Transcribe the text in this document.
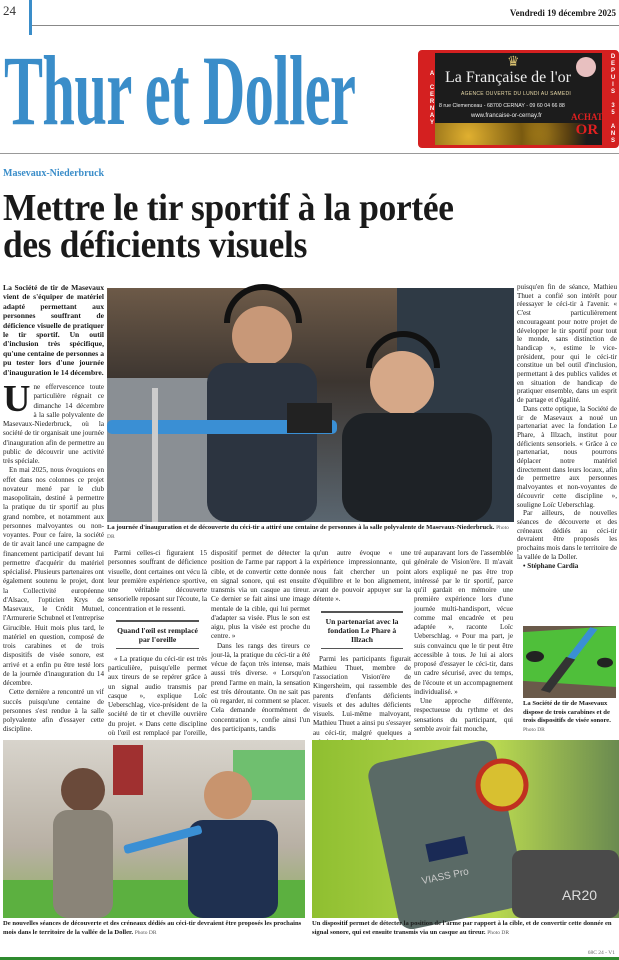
24	Vendredi 19 décembre 2025
Thur et Doller	A CERNAY	DEPUIS 35 ANS
♛
La Française de l'or
AGENCE OUVERTE DU LUNDI AU SAMEDI
8 rue Clemenceau - 68700 CERNAY - 09 60 04 66 88
www.francaise-or-cernay.fr	ACHAT
OR
Masevaux-Niederbruck
Mettre le tir sportif à la portée
des déficients visuels
La Société de tir de Masevaux vient de s'équiper de matériel adapté permettant aux personnes souffrant de déficience visuelle de pratiquer le tir sportif. Un outil d'inclusion très spécifique, qu'une centaine de personnes a pu tester lors d'une journée d'inauguration le 14 décembre.

Une effervescence toute particulière régnait ce dimanche 14 décembre à la salle polyvalente de Masevaux-Niederbruck, où la société de tir organisait une journée d'inauguration afin de permettre au public de découvrir une activité très spéciale.

En mai 2025, nous évoquions en effet dans nos colonnes ce projet novateur mené par le club masopolitain, destiné à permettre la pratique du tir sportif au plus grand nombre, et notamment aux personnes malvoyantes ou non-voyantes. Pour ce faire, la société de tir avait lancé une campagne de financement participatif devant lui permettre d'acquérir du matériel spécialisé. Plusieurs partenaires ont également soutenu le projet, dont la Collectivité européenne d'Alsace, l'opticien Krys de Masevaux, le Crédit Mutuel, l'Armurerie Schubnel et l'entreprise Girucible. Huit mois plus tard, le matériel en question, composé de trois carabines et de trois dispositifs de visée sonore, est arrivé et a enfin pu être testé lors de la journée d'inauguration du 14 décembre.

Cette dernière a rencontré un vif succès puisqu'une centaine de personnes s'est rendue à la salle polyvalente afin d'essayer cette discipline.

La journée d'inauguration et de découverte du céci-tir a attiré une centaine de personnes à la salle polyvalente de Masevaux-Niederbruck. Photo DR

Parmi celles-ci figuraient 15 personnes souffrant de déficience visuelle, dont certaines ont vécu là leur première expérience sportive, une véritable découverte sensorielle reposant sur l'écoute, la concentration et le ressenti.

Quand l'œil est remplacé par l'oreille

« La pratique du céci-tir est très particulière, puisqu'elle permet aux tireurs de se repérer grâce à un signal audio transmis par casque », explique Loïc Ueberschlag, vice-président de la société de tir et cheville ouvrière du projet. « Dans cette discipline où l'œil est remplacé par l'oreille,

dispositif permet de détecter la position de l'arme par rapport à la cible, et de convertir cette donnée en signal sonore, qui est ensuite transmis via un casque au tireur. Ce dernier se fait ainsi une image mentale de la cible, qui lui permet d'adapter sa visée. Plus le son est aigu, plus la visée est proche du centre. »

Dans les rangs des tireurs ce jour-là, la pratique du céci-tir a été vécue de façon très intense, mais aussi très diverse. « Lorsqu'on prend l'arme en main, la sensation est très déroutante. On ne sait pas où regarder, ni comment se placer. Cela demande énormément de concentration », confie ainsi l'un des participants, tandis

qu'un autre évoque « une expérience impressionnante, qui nous fait chercher un point d'équilibre et le bon alignement, avant de pouvoir appuyer sur la détente ».

Un partenariat avec la fondation Le Phare à Illzach

Parmi les participants figurait Mathieu Thuet, membre de l'association Vision'ère de Kingersheim, qui rassemble des parents d'enfants déficients visuels et des adultes déficients visuels. Lui-même malvoyant, Mathieu Thuet a ainsi pu s'essayer au céci-tir, malgré quelques a

tré auparavant lors de l'assemblée générale de Vision'ère. Il m'avait alors expliqué ne pas être trop intéressé par le tir sportif, parce qu'il gardait en mémoire une première expérience lors d'une journée multi-handisport, vécue comme mal encadrée et peu adaptée », raconte Loïc Ueberschlag. « Pour ma part, je suis convaincu que le tir peut être accessible à tous. Je lui ai alors proposé d'essayer le céci-tir, dans un cadre sécurisé, avec du temps, de l'écoute et un accompagnement individualisé. »

Une approche différente, respectueuse du rythme et des sensations du participant, qui semble avoir fait mouche,

puisqu'en fin de séance, Mathieu Thuet a confié son intérêt pour réessayer le céci-tir à l'avenir. « C'est particulièrement encourageant pour notre projet de développer le tir sportif pour tout le monde, sans distinction de handicap », estime le vice-président, pour qui le céci-tir constitue un bel outil d'inclusion, permettant à des publics valides et en situation de handicap de pratiquer ensemble, dans un esprit de partage et d'égalité.

Dans cette optique, la Société de tir de Masevaux a noué un partenariat avec la fondation Le Phare, à Illzach, institut pour déficients sensoriels. « Grâce à ce partenariat, nous pourrons déplacer notre matériel directement dans leurs locaux, afin de permettre aux personnes malvoyantes et non-voyantes de découvrir cette discipline », souligne Loïc Ueberschlag.

Par ailleurs, de nouvelles séances de découverte et des créneaux dédiés au céci-tir devraient être proposés les prochains mois dans le territoire de la vallée de la Doller.

• Stéphane Cardia

La Société de tir de Masevaux dispose de trois carabines et de trois dispositifs de visée sonore. Photo DR
De nouvelles séances de découverte et des créneaux dédiés au céci-tir devraient être proposés les prochains mois dans le territoire de la vallée de la Doller. Photo DR
AR20
VIASS Pro
Un dispositif permet de détecter la position de l'arme par rapport à la cible, et de convertir cette donnée en signal sonore, qui est ensuite transmis via un casque au tireur. Photo DR
68C 24 - V1
